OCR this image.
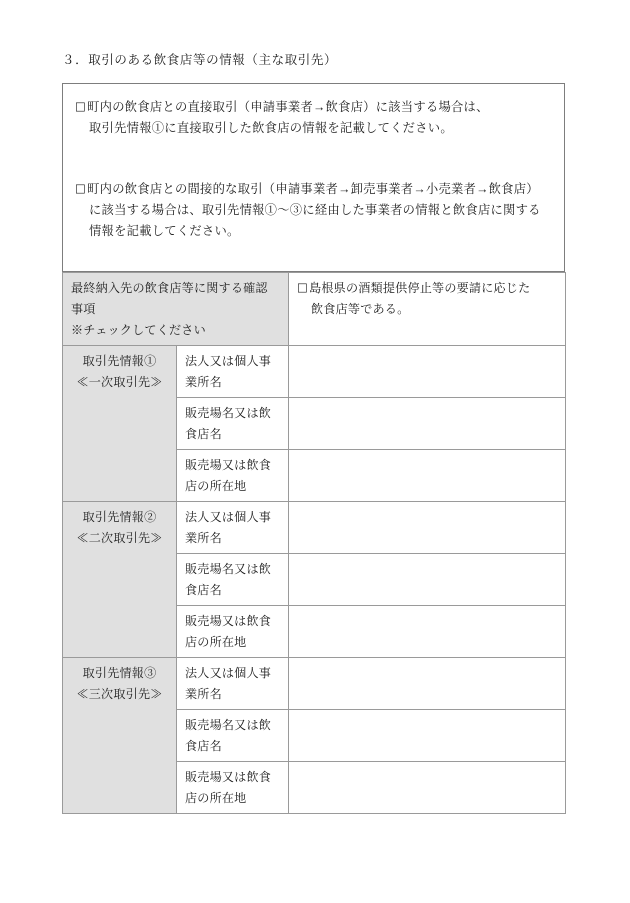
３．取引のある飲食店等の情報（主な取引先）
□町内の飲食店との直接取引（申請事業者→飲食店）に該当する場合は、
取引先情報①に直接取引した飲食店の情報を記載してください。
□町内の飲食店との間接的な取引（申請事業者→卸売事業者→小売業者→飲食店）
に該当する場合は、取引先情報①～③に経由した事業者の情報と飲食店に関する
情報を記載してください。
最終納入先の飲食店等に関する確認
事項
※チェックしてください		□島根県の酒類提供停止等の要請に応じた
飲食店等である。

取引先情報①
≪一次取引先≫	法人又は個人事
業所名	

	販売場名又は飲
食店名	

	販売場又は飲食
店の所在地	

取引先情報②
≪二次取引先≫	法人又は個人事
業所名	

	販売場名又は飲
食店名	

	販売場又は飲食
店の所在地	

取引先情報③
≪三次取引先≫	法人又は個人事
業所名	

	販売場名又は飲
食店名	

	販売場又は飲食
店の所在地	
